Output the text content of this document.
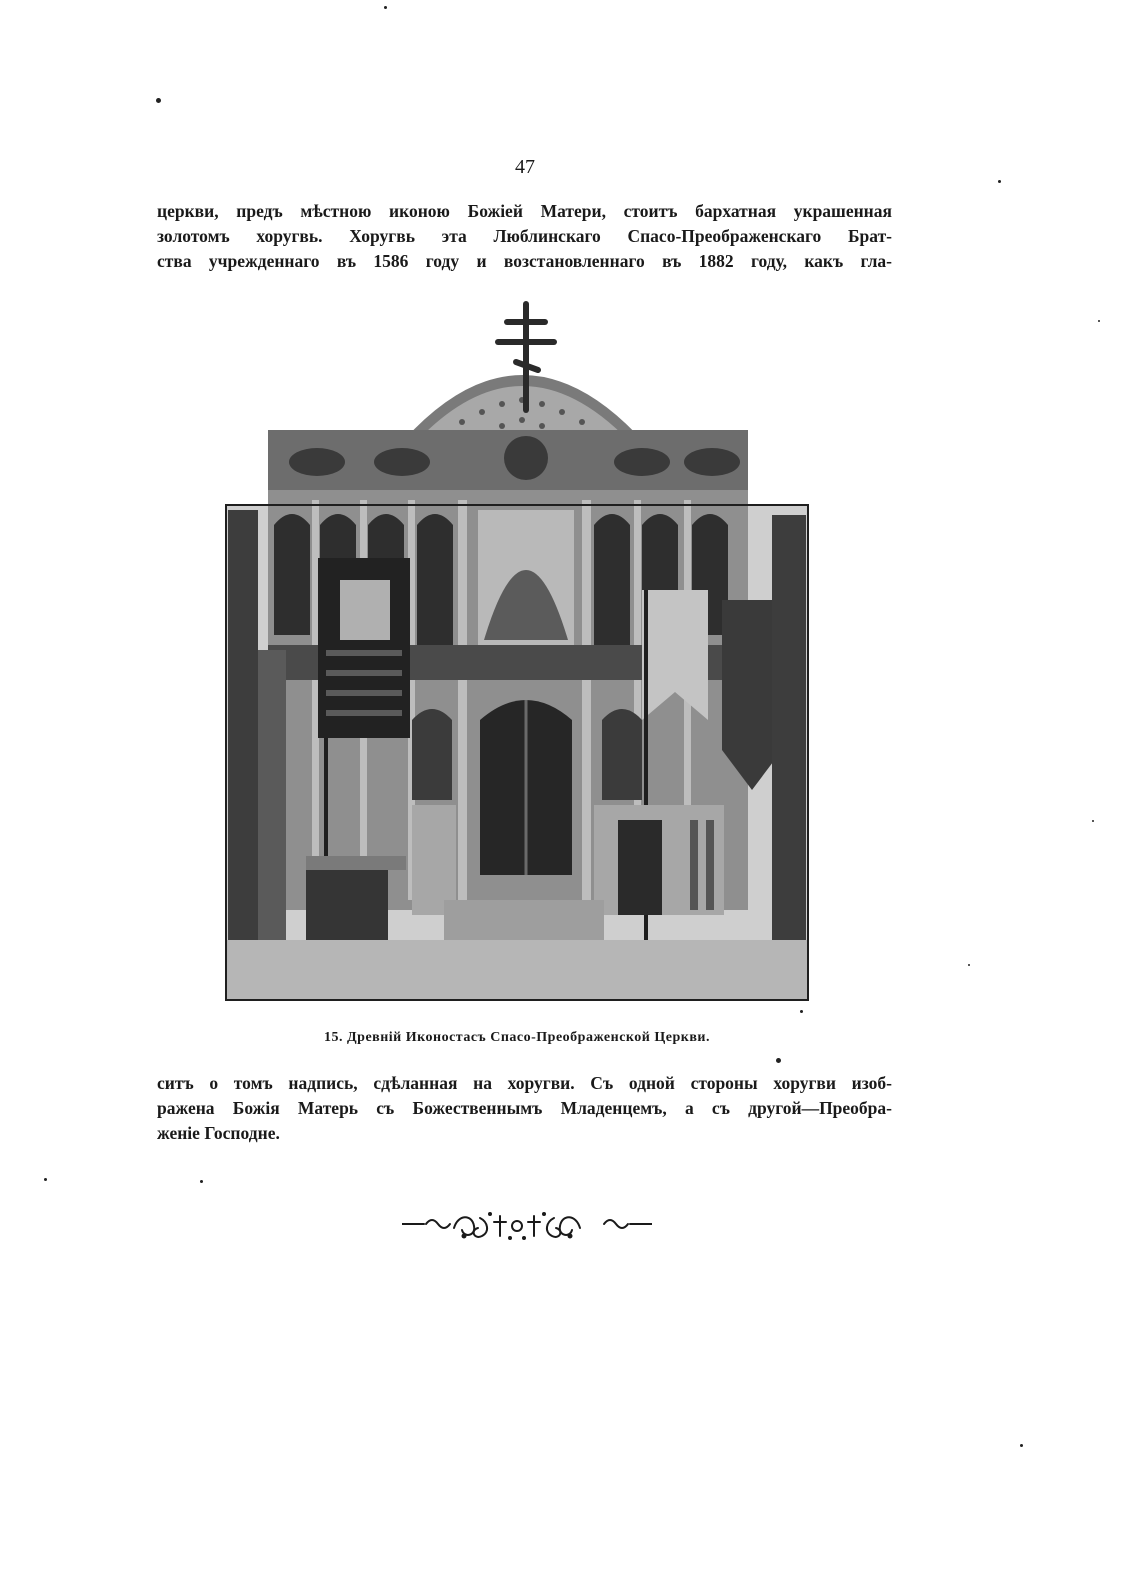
47
церкви, предъ мѣстною иконою Божіей Матери, стоитъ бархатная украшенная
золотомъ хоругвь. Хоругвь эта Люблинскаго Спасо-Преображенскаго Брат-
ства учрежденнаго въ 1586 году и возстановленнаго въ 1882 году, какъ гла-
15. Древній Иконостасъ Спасо-Преображенской Церкви.
ситъ о томъ надпись, сдѣланная на хоругви. Съ одной стороны хоругви изоб-
ражена Божія Матерь съ Божественнымъ Младенцемъ, а съ другой—Преобра-
женіе Господне.
